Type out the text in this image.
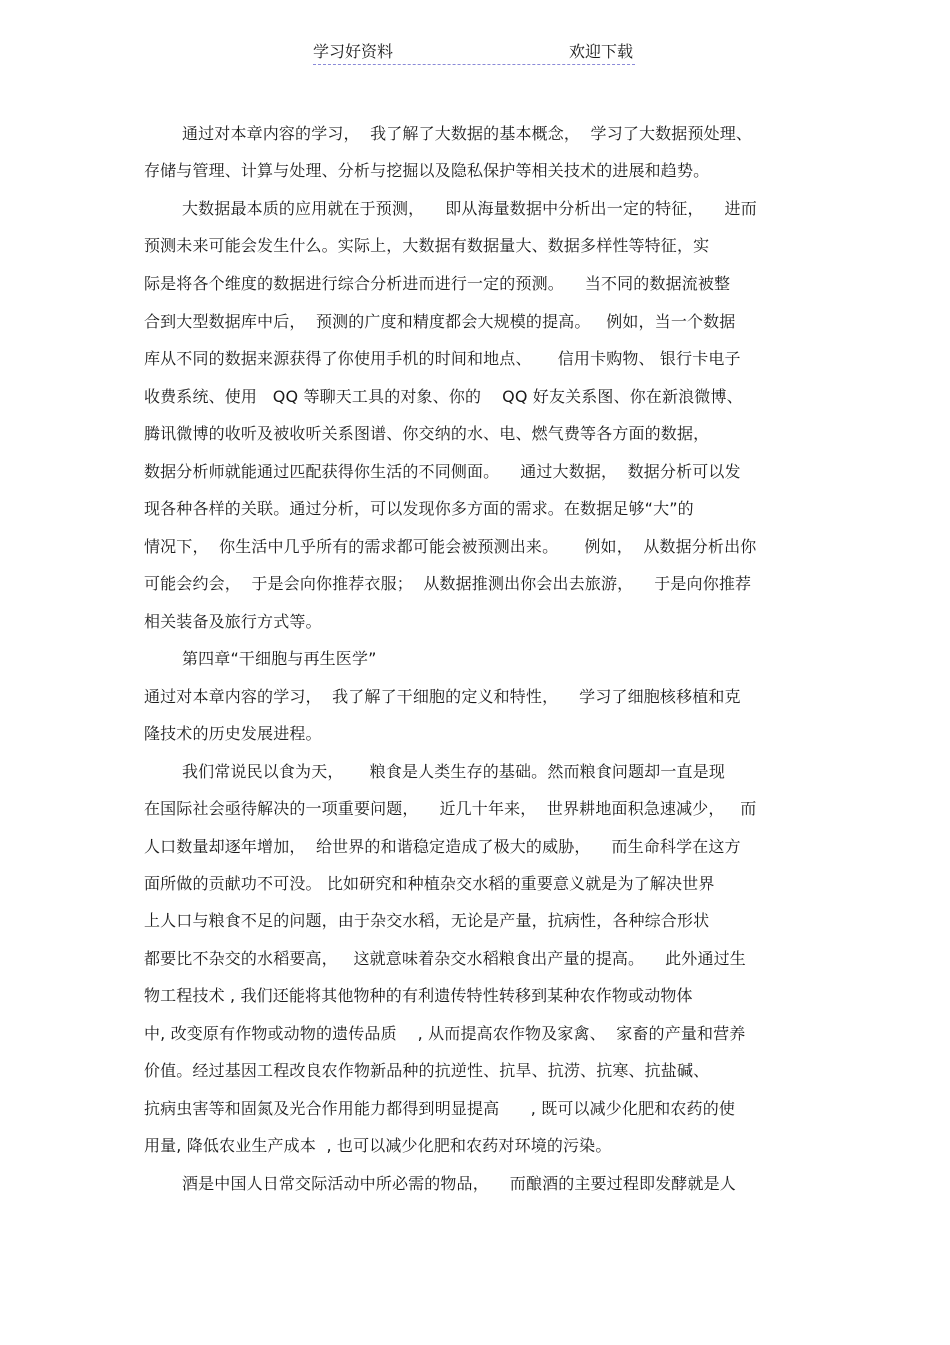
学习好资料	欢迎下载
通过对本章内容的学习，  我了解了大数据的基本概念，  学习了大数据预处理、
存储与管理、计算与处理、分析与挖掘以及隐私保护等相关技术的进展和趋势。
大数据最本质的应用就在于预测，    即从海量数据中分析出一定的特征，    进而
预测未来可能会发生什么。实际上，大数据有数据量大、数据多样性等特征，实
际是将各个维度的数据进行综合分析进而进行一定的预测。    当不同的数据流被整
合到大型数据库中后，  预测的广度和精度都会大规模的提高。   例如，当一个数据
库从不同的数据来源获得了你使用手机的时间和地点、     信用卡购物、 银行卡电子
收费系统、使用   QQ 等聊天工具的对象、你的    QQ 好友关系图、你在新浪微博、
腾讯微博的收听及被收听关系图谱、你交纳的水、电、燃气费等各方面的数据，
数据分析师就能通过匹配获得你生活的不同侧面。    通过大数据，  数据分析可以发
现各种各样的关联。通过分析，可以发现你多方面的需求。在数据足够“大”的
情况下，  你生活中几乎所有的需求都可能会被预测出来。     例如，  从数据分析出你
可能会约会，  于是会向你推荐衣服；  从数据推测出你会出去旅游，    于是向你推荐
相关装备及旅行方式等。
第四章“干细胞与再生医学”
通过对本章内容的学习，  我了解了干细胞的定义和特性，    学习了细胞核移植和克
隆技术的历史发展进程。
我们常说民以食为天，     粮食是人类生存的基础。然而粮食问题却一直是现
在国际社会亟待解决的一项重要问题，    近几十年来，  世界耕地面积急速减少，   而
人口数量却逐年增加，  给世界的和谐稳定造成了极大的威胁，    而生命科学在这方
面所做的贡献功不可没。 比如研究和种植杂交水稻的重要意义就是为了解决世界
上人口与粮食不足的问题，由于杂交水稻，无论是产量，抗病性，各种综合形状
都要比不杂交的水稻要高，   这就意味着杂交水稻粮食出产量的提高。    此外通过生
物工程技术 , 我们还能将其他物种的有利遗传特性转移到某种农作物或动物体
中, 改变原有作物或动物的遗传品质    , 从而提高农作物及家禽、  家畜的产量和营养
价值。经过基因工程改良农作物新品种的抗逆性、抗旱、抗涝、抗寒、抗盐碱、
抗病虫害等和固氮及光合作用能力都得到明显提高      , 既可以减少化肥和农药的使
用量, 降低农业生产成本  , 也可以减少化肥和农药对环境的污染。
酒是中国人日常交际活动中所必需的物品，    而酿酒的主要过程即发酵就是人
